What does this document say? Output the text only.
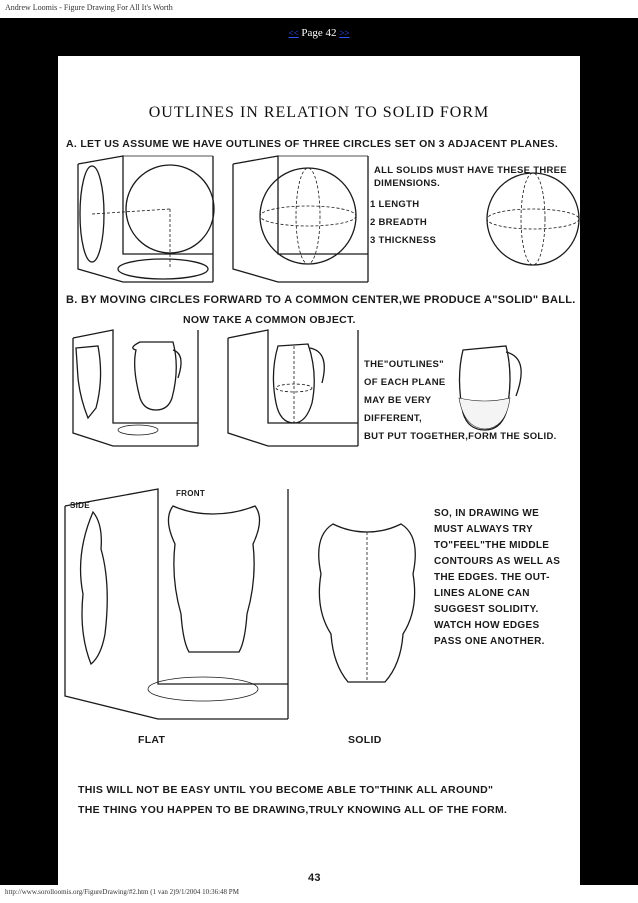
Andrew Loomis - Figure Drawing For All It's Worth
<< Page 42 >>
OUTLINES IN RELATION TO SOLID FORM
A. LET US ASSUME WE HAVE OUTLINES OF THREE CIRCLES SET ON 3 ADJACENT PLANES.
ALL SOLIDS MUST HAVE THESE THREE
DIMENSIONS.
1 LENGTH
2 BREADTH
3 THICKNESS
B. BY MOVING CIRCLES FORWARD TO A COMMON CENTER,WE PRODUCE A"SOLID" BALL.
NOW TAKE A COMMON OBJECT.
THE"OUTLINES"
OF EACH PLANE
MAY BE VERY
DIFFERENT,
BUT PUT TOGETHER,FORM THE SOLID.
SIDE
FRONT
SO, IN DRAWING WE
MUST ALWAYS TRY
TO"FEEL"THE MIDDLE
CONTOURS AS WELL AS
THE EDGES. THE OUT-
LINES ALONE CAN
SUGGEST SOLIDITY.
WATCH HOW EDGES
PASS ONE ANOTHER.
FLAT	SOLID
THIS WILL NOT BE EASY UNTIL YOU BECOME ABLE TO"THINK ALL AROUND"
THE THING YOU HAPPEN TO BE DRAWING,TRULY KNOWING ALL OF THE FORM.
43
http://www.sorolloomis.org/FigureDrawing/#2.htm (1 van 2)9/1/2004 10:36:48 PM
